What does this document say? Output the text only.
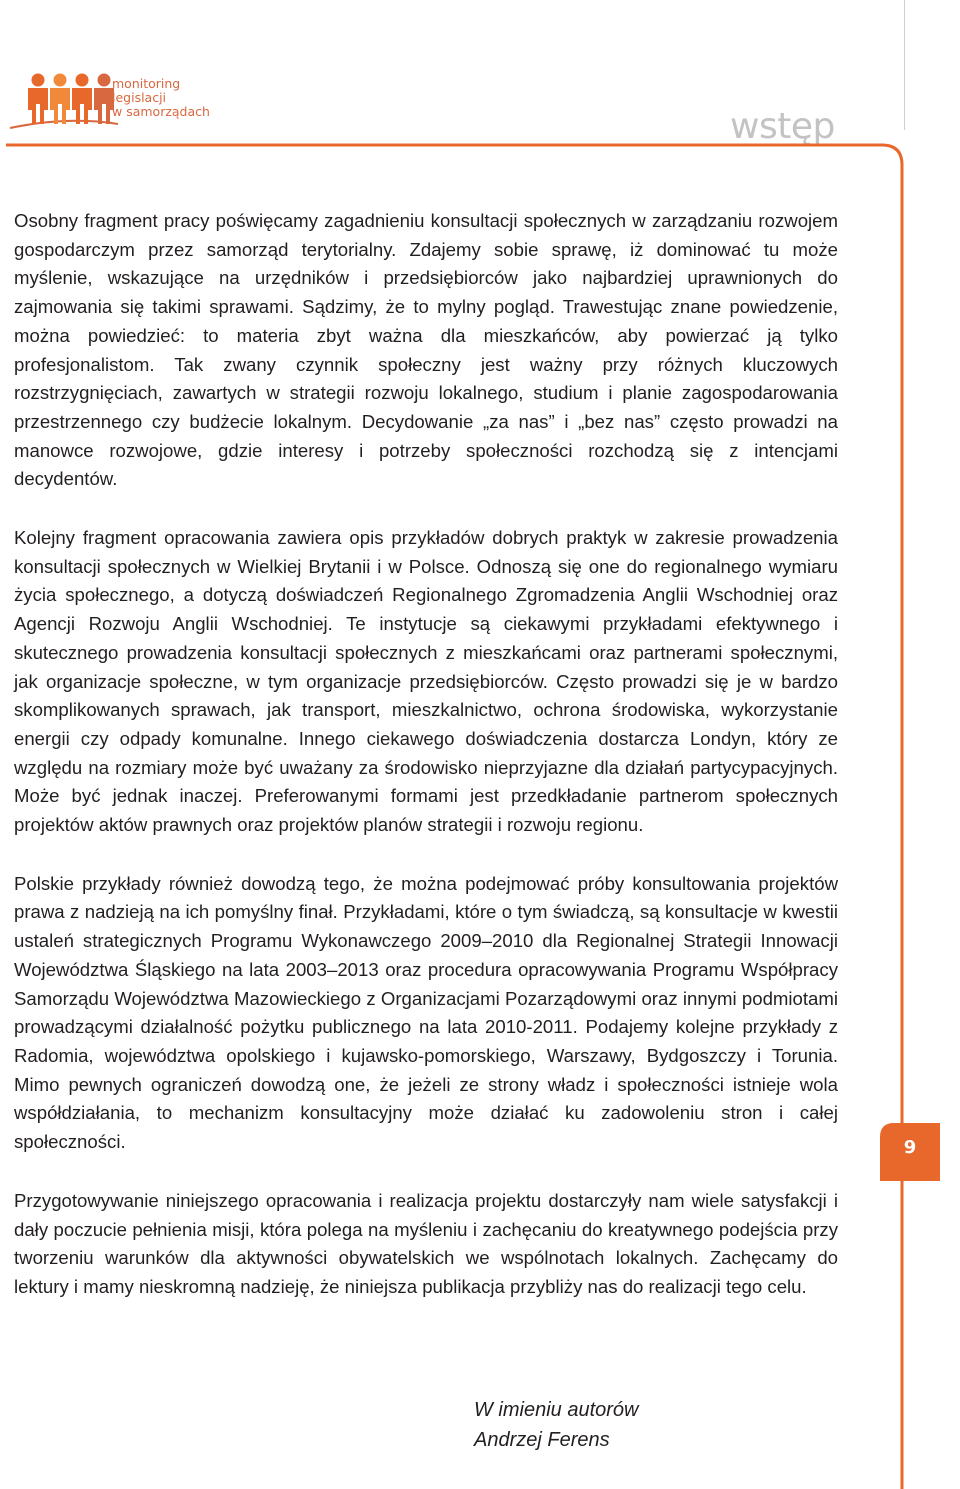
monitoring
legislacji
w samorządach	wstęp

Osobny fragment pracy poświęcamy zagadnieniu konsultacji społecznych w zarządzaniu rozwojem gospodarczym przez samorząd terytorialny. Zdajemy sobie sprawę, iż dominować tu może myślenie, wskazujące na urzędników i przedsiębiorców jako najbardziej uprawnionych do zajmowania się takimi sprawami. Sądzimy, że to mylny pogląd. Trawestując znane powiedzenie, można powiedzieć: to materia zbyt ważna dla mieszkańców, aby powierzać ją tylko profesjonalistom. Tak zwany czynnik społeczny jest ważny przy różnych kluczowych rozstrzygnięciach, zawartych w strategii rozwoju lokalnego, studium i planie zagospodarowania przestrzennego czy budżecie lokalnym. Decydowanie „za nas” i „bez nas” często prowadzi na manowce rozwojowe, gdzie interesy i potrzeby społeczności rozchodzą się z intencjami decydentów.

Kolejny fragment opracowania zawiera opis przykładów dobrych praktyk w zakresie prowadzenia konsultacji społecznych w Wielkiej Brytanii i w Polsce. Odnoszą się one do regionalnego wymiaru życia społecznego, a dotyczą doświadczeń Regionalnego Zgromadzenia Anglii Wschodniej oraz Agencji Rozwoju Anglii Wschodniej. Te instytucje są ciekawymi przykładami efektywnego i skutecznego prowadzenia konsultacji społecznych z mieszkańcami oraz partnerami społecznymi, jak organizacje społeczne, w tym organizacje przedsiębiorców. Często prowadzi się je w bardzo skomplikowanych sprawach, jak transport, mieszkalnictwo, ochrona środowiska, wykorzystanie energii czy odpady komunalne. Innego ciekawego doświadczenia dostarcza Londyn, który ze względu na rozmiary może być uważany za środowisko nieprzyjazne dla działań partycypacyjnych. Może być jednak inaczej. Preferowanymi formami jest przedkładanie partnerom społecznych projektów aktów prawnych oraz projektów planów strategii i rozwoju regionu.

Polskie przykłady również dowodzą tego, że można podejmować próby konsultowania projektów prawa z nadzieją na ich pomyślny finał. Przykładami, które o tym świadczą, są konsultacje w kwestii ustaleń strategicznych Programu Wykonawczego 2009–2010 dla Regionalnej Strategii Innowacji Województwa Śląskiego na lata 2003–2013 oraz procedura opracowywania Programu Współpracy Samorządu Województwa Mazowieckiego z Organizacjami Pozarządowymi oraz innymi podmiotami prowadzącymi działalność pożytku publicznego na lata 2010-2011. Podajemy kolejne przykłady z Radomia, województwa opolskiego i kujawsko-pomorskiego, Warszawy, Bydgoszczy i Torunia. Mimo pewnych ograniczeń dowodzą one, że jeżeli ze strony władz i społeczności istnieje wola współdziałania, to mechanizm konsultacyjny może działać ku zadowoleniu stron i całej społeczności.

Przygotowywanie niniejszego opracowania i realizacja projektu dostarczyły nam wiele satysfakcji i dały poczucie pełnienia misji, która polega na myśleniu i zachęcaniu do kreatywnego podejścia przy tworzeniu warunków dla aktywności obywatelskich we wspólnotach lokalnych. Zachęcamy do lektury i mamy nieskromną nadzieję, że niniejsza publikacja przybliży nas do realizacji tego celu.

9
W imieniu autorów
Andrzej Ferens
